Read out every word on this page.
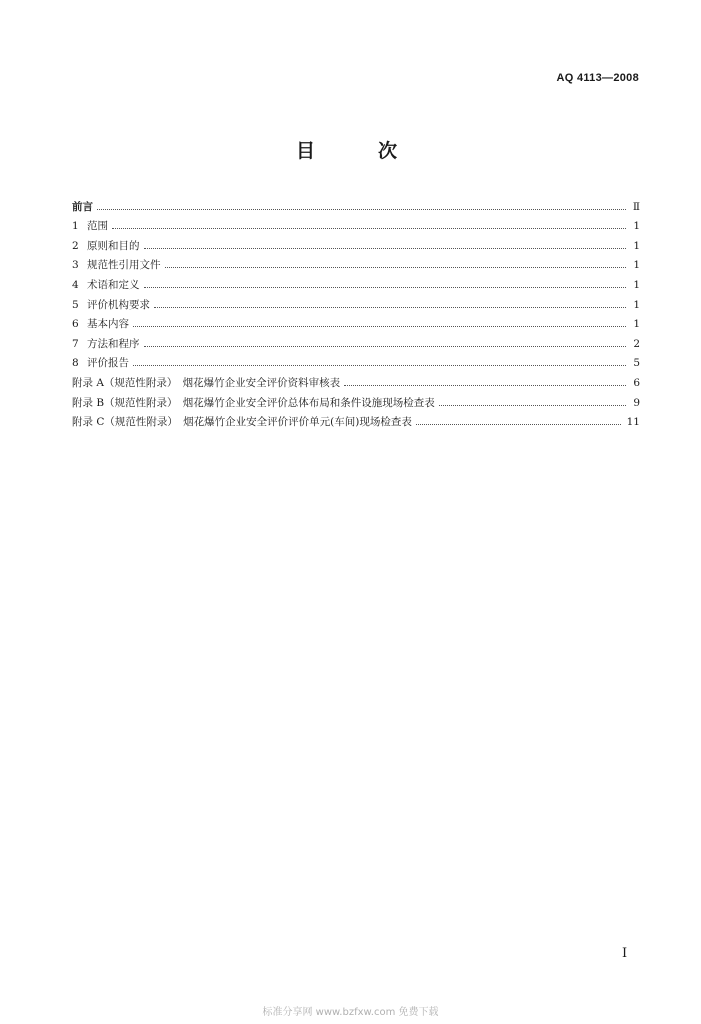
AQ 4113—2008
目　次
前言	Ⅱ
1 范围	1
2 原则和目的	1
3 规范性引用文件	1
4 术语和定义	1
5 评价机构要求	1
6 基本内容	1
7 方法和程序	2
8 评价报告	5
附录 A（规范性附录）　烟花爆竹企业安全评价资料审核表	6
附录 B（规范性附录）　烟花爆竹企业安全评价总体布局和条件设施现场检查表	9
附录 C（规范性附录）　烟花爆竹企业安全评价评价单元(车间)现场检查表	11
I
标准分享网 www.bzfxw.com 免费下载
